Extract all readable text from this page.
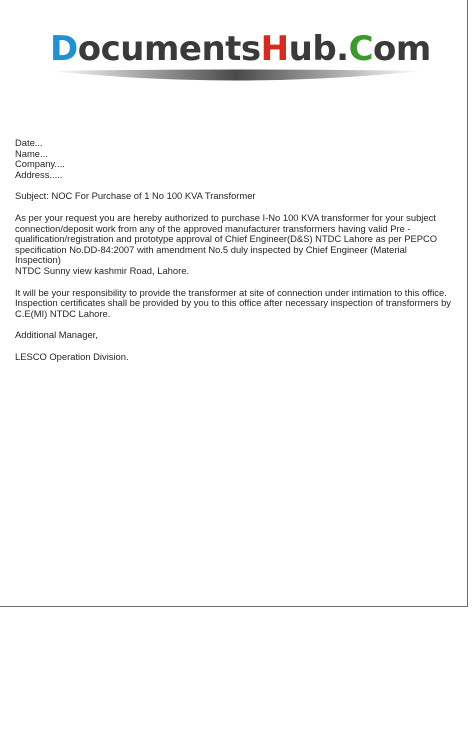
DocumentsHub.Com

Date...

Name...

Company....

Address.....

Subject: NOC For Purchase of 1 No 100 KVA Transformer

As per your request you are hereby authorized to purchase I-No 100 KVA transformer for your subject

connection/deposit work from any of the approved manufacturer transformers having valid Pre -

qualification/registration and prototype approval of Chief Engineer(D&S) NTDC Lahore as per PEPCO

specification No.DD-84:2007 with amendment No.5 duly inspected by Chief Engineer (Material Inspection)

NTDC Sunny view kashmir Road, Lahore.

It will be your responsibility to provide the transformer at site of connection under intimation to this office.

Inspection certificates shall be provided by you to this office after necessary inspection of transformers by

C.E(MI) NTDC Lahore.

Additional Manager,

LESCO Operation Division.
